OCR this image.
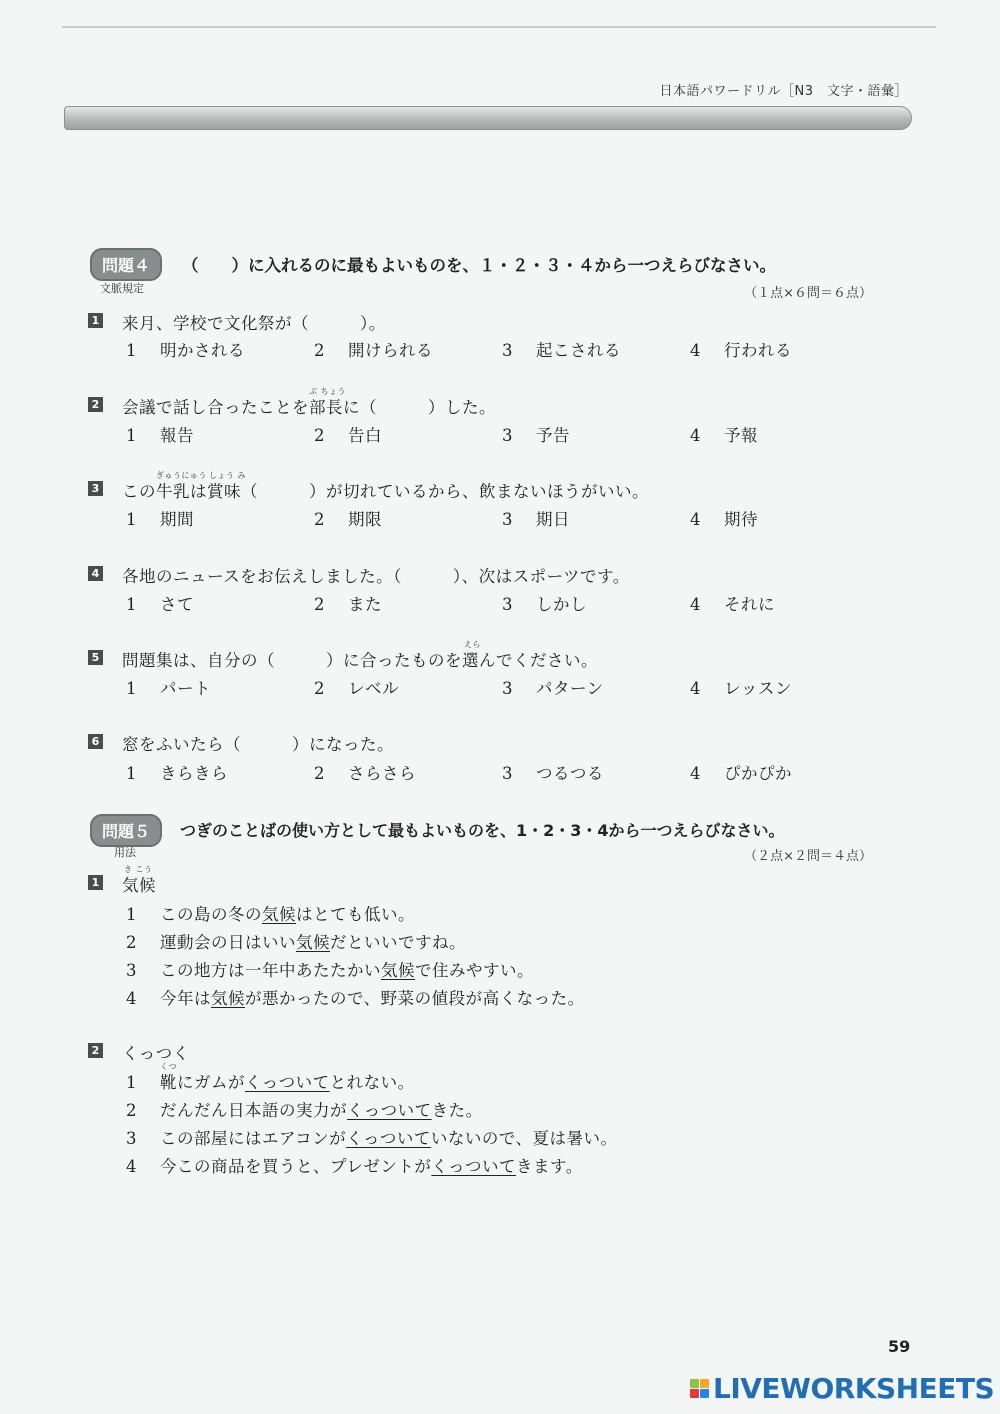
日本語パワードリル［N3　文字・語彙］
問題４	（　　）に入れるのに最もよいものを、１・２・３・４から一つえらびなさい。
文脈規定	（１点×６問＝６点）
1 来月、学校で文化祭が（　　　）。
1 明かされる	2 開けられる	3 起こされる	4 行われる
2 会議で話し合ったことを
ぶ ちょう
部長に（　　　）した。
1 報告	2 告白	3 予告	4 予報
3 この
ぎゅうにゅう
牛乳は
しょう み
賞味（　　　）が切れているから、飲まないほうがいい。
1 期間	2 期限	3 期日	4 期待
4 各地のニュースをお伝えしました。（　　　）、次はスポーツです。
1 さて	2 また	3 しかし	4 それに
5 問題集は、自分の（　　　）に合ったものを
えら
選んでください。
1 パート	2 レベル	3 パターン	4 レッスン
6 窓をふいたら（　　　）になった。
1 きらきら	2 さらさら	3 つるつる	4 ぴかぴか
問題５	つぎのことばの使い方として最もよいものを、1・2・3・4から一つえらびなさい。
用法	（２点×２問＝４点）
1
き こう
気候
1 この島の冬の気候はとても低い。
2 運動会の日はいい気候だといいですね。
3 この地方は一年中あたたかい気候で住みやすい。
4 今年は気候が悪かったので、野菜の値段が高くなった。
2 くっつく
1
くつ
靴にガムがくっついてとれない。
2 だんだん日本語の実力がくっついてきた。
3 この部屋にはエアコンがくっついていないので、夏は暑い。
4 今この商品を買うと、プレゼントがくっついてきます。
59
LIVEWORKSHEETS
